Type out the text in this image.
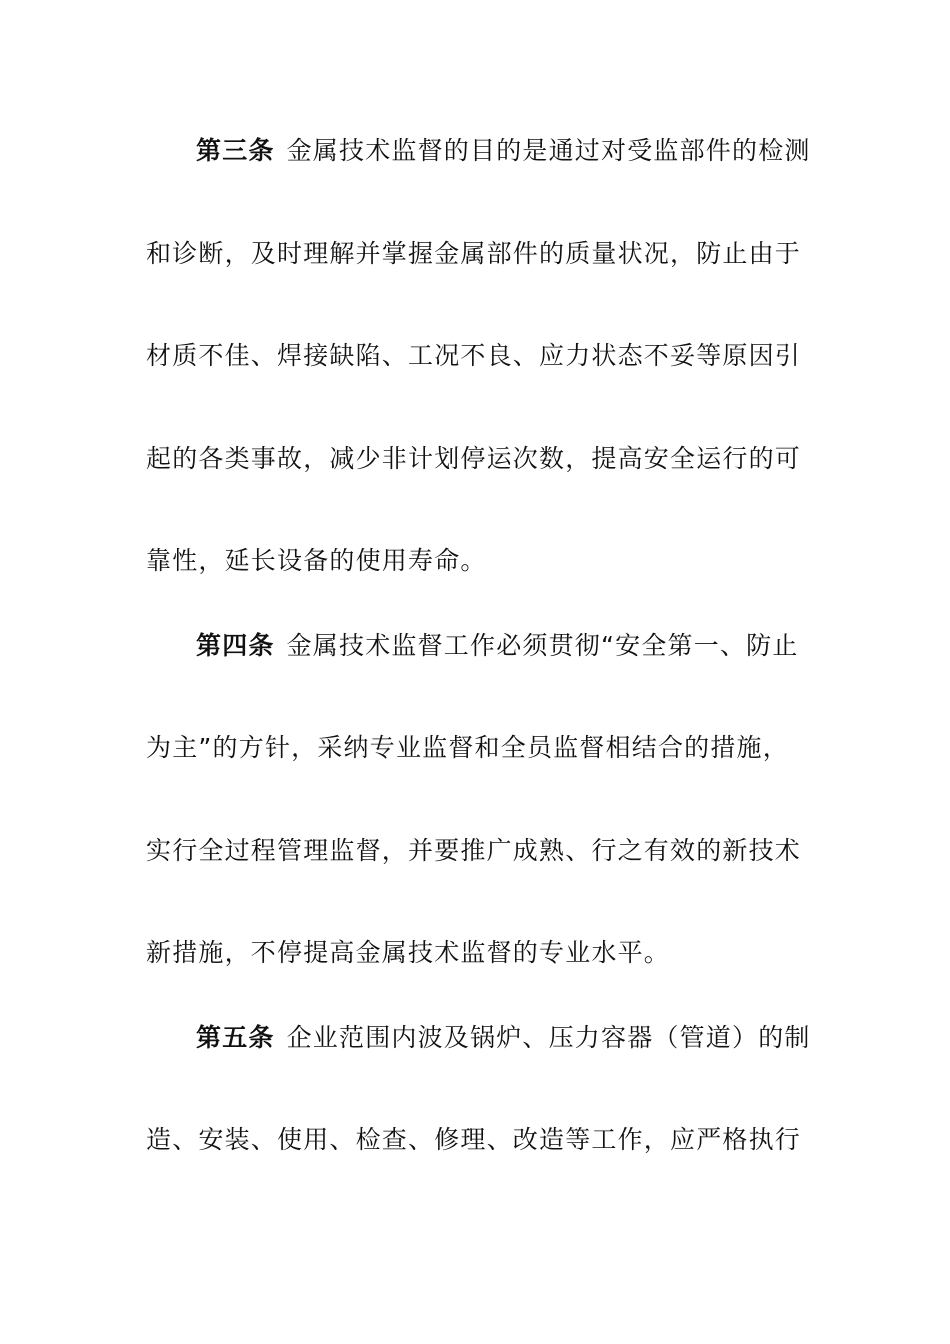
第三条 金属技术监督的目的是通过对受监部件的检测
和诊断，及时理解并掌握金属部件的质量状况，防止由于
材质不佳、焊接缺陷、工况不良、应力状态不妥等原因引
起的各类事故，减少非计划停运次数，提高安全运行的可
靠性，延长设备的使用寿命。
第四条 金属技术监督工作必须贯彻“安全第一、防止
为主”的方针，采纳专业监督和全员监督相结合的措施，
实行全过程管理监督，并要推广成熟、行之有效的新技术
新措施，不停提高金属技术监督的专业水平。
第五条 企业范围内波及锅炉、压力容器（管道）的制
造、安装、使用、检查、修理、改造等工作，应严格执行
